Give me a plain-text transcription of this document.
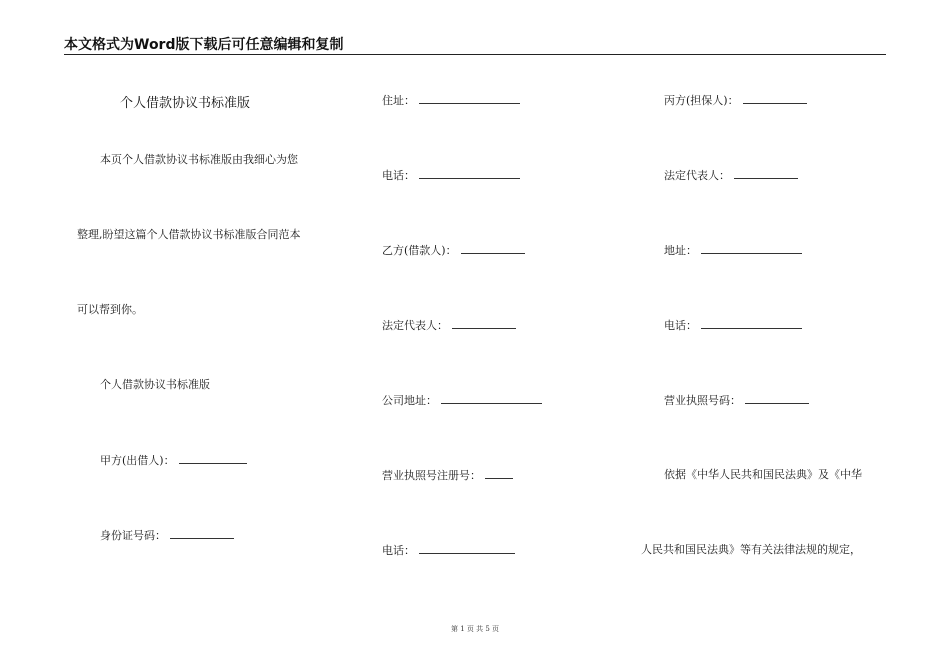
本文格式为Word版下载后可任意编辑和复制
个人借款协议书标准版
本页个人借款协议书标准版由我细心为您
整理,盼望这篇个人借款协议书标准版合同范本
可以帮到你。
个人借款协议书标准版
甲方(出借人)：
身份证号码：
住址：
电话：
乙方(借款人)：
法定代表人：
公司地址：
营业执照号注册号：
电话：
丙方(担保人)：
法定代表人：
地址：
电话：
营业执照号码：
依据《中华人民共和国民法典》及《中华
人民共和国民法典》等有关法律法规的规定，
第 1 页 共 5 页
